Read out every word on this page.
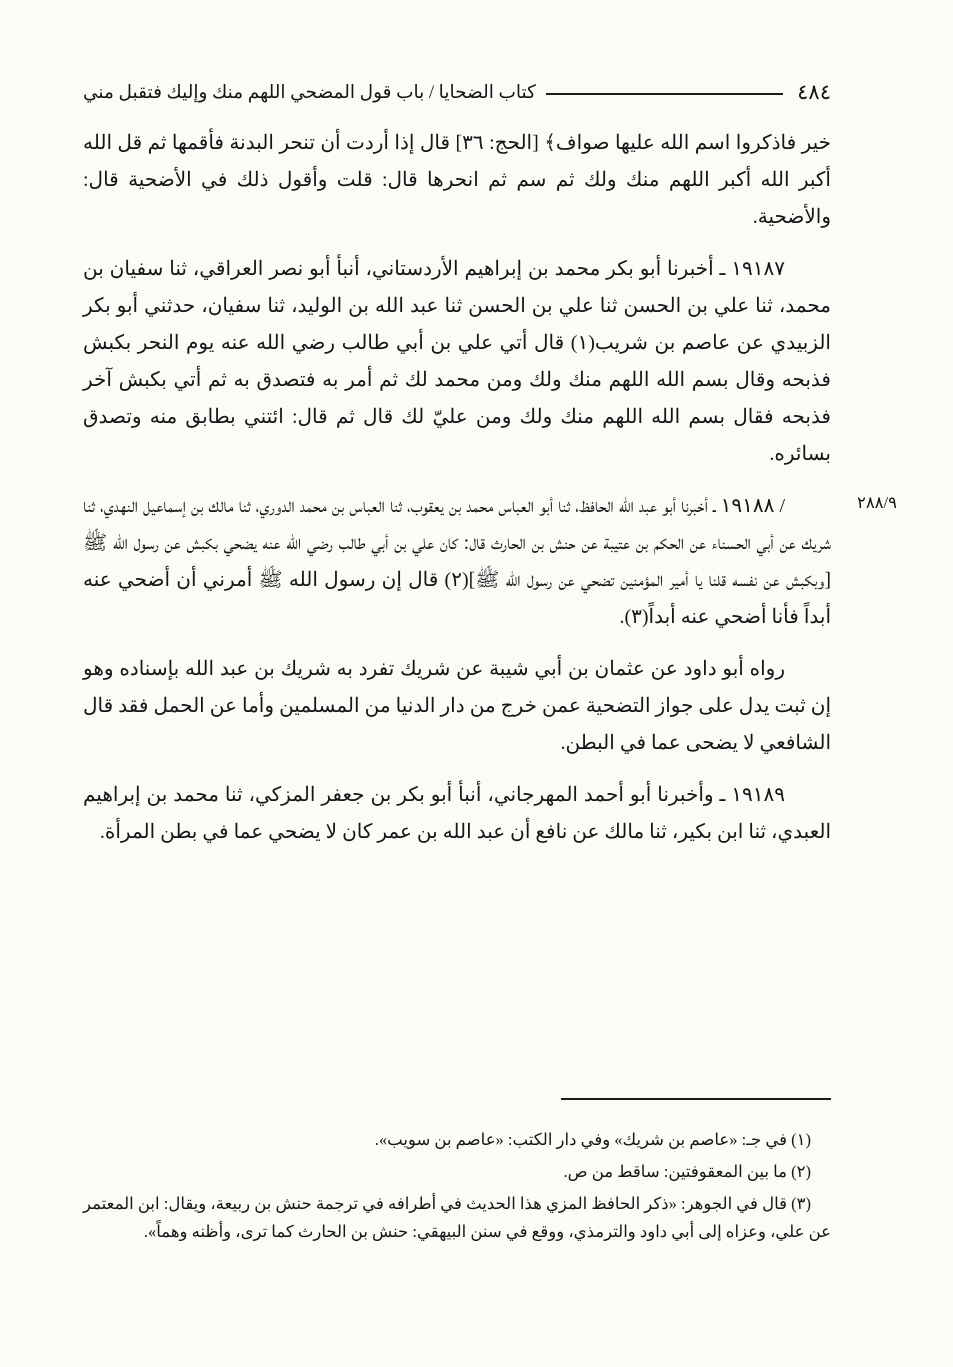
٤٨٤
كتاب الضحايا / باب قول المضحي اللهم منك وإليك فتقبل مني

خير فاذكروا اسم الله عليها صواف﴾ [الحج: ٣٦] قال إذا أردت أن تنحر البدنة فأقمها ثم قل الله أكبر الله أكبر اللهم منك ولك ثم سم ثم انحرها قال: قلت وأقول ذلك في الأضحية قال: والأضحية.

١٩١٨٧ ـ أخبرنا أبو بكر محمد بن إبراهيم الأردستاني، أنبأ أبو نصر العراقي، ثنا سفيان بن محمد، ثنا علي بن الحسن ثنا علي بن الحسن ثنا عبد الله بن الوليد، ثنا سفيان، حدثني أبو بكر الزبيدي عن عاصم بن شريب(١) قال أتي علي بن أبي طالب رضي الله عنه يوم النحر بكبش فذبحه وقال بسم الله اللهم منك ولك ومن محمد لك ثم أمر به فتصدق به ثم أتي بكبش آخر فذبحه فقال بسم الله اللهم منك ولك ومن عليّ لك قال ثم قال: ائتني بطابق منه وتصدق بسائره.

٢٨٨/٩

/ ١٩١٨٨ ـ أخبرنا أبو عبد الله الحافظ، ثنا أبو العباس محمد بن يعقوب، ثنا العباس بن محمد الدوري، ثنا مالك بن إسماعيل النهدي، ثنا شريك عن أبي الحسناء عن الحكم بن عتيبة عن حنش بن الحارث قال: كان علي بن أبي طالب رضي الله عنه يضحي بكبش عن رسول الله ﷺ [وبكبش عن نفسه قلنا يا أمير المؤمنين تضحي عن رسول الله ﷺ](٢) قال إن رسول الله ﷺ أمرني أن أضحي عنه أبداً فأنا أضحي عنه أبداً(٣).

رواه أبو داود عن عثمان بن أبي شيبة عن شريك تفرد به شريك بن عبد الله بإسناده وهو إن ثبت يدل على جواز التضحية عمن خرج من دار الدنيا من المسلمين وأما عن الحمل فقد قال الشافعي لا يضحى عما في البطن.

١٩١٨٩ ـ وأخبرنا أبو أحمد المهرجاني، أنبأ أبو بكر بن جعفر المزكي، ثنا محمد بن إبراهيم العبدي، ثنا ابن بكير، ثنا مالك عن نافع أن عبد الله بن عمر كان لا يضحي عما في بطن المرأة.

(١) في جـ: «عاصم بن شريك» وفي دار الكتب: «عاصم بن سويب».

(٢) ما بين المعقوفتين: ساقط من ص.

(٣) قال في الجوهر: «ذكر الحافظ المزي هذا الحديث في أطرافه في ترجمة حنش بن ربيعة، ويقال: ابن المعتمر عن علي، وعزاه إلى أبي داود والترمذي، ووقع في سنن البيهقي: حنش بن الحارث كما ترى، وأظنه وهماً».
